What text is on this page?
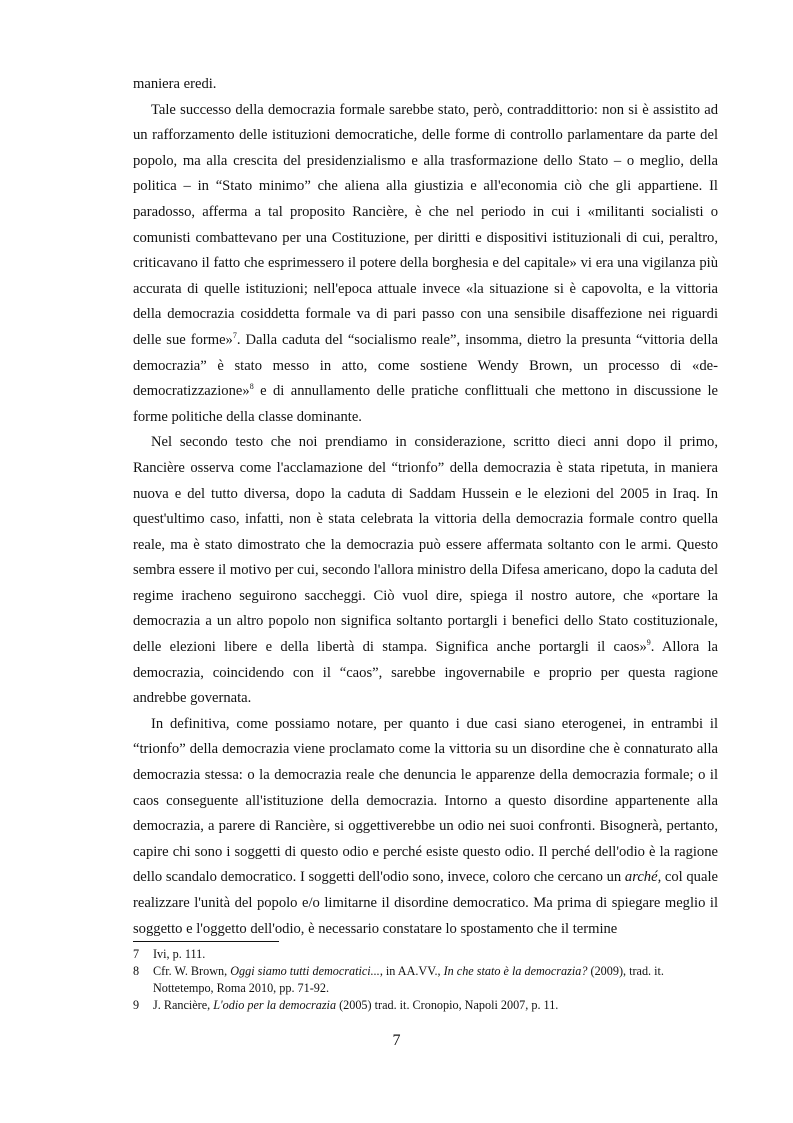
maniera eredi.

Tale successo della democrazia formale sarebbe stato, però, contraddittorio: non si è assistito ad un rafforzamento delle istituzioni democratiche, delle forme di controllo parlamentare da parte del popolo, ma alla crescita del presidenzialismo e alla trasformazione dello Stato – o meglio, della politica – in “Stato minimo” che aliena alla giustizia e all'economia ciò che gli appartiene. Il paradosso, afferma a tal proposito Rancière, è che nel periodo in cui i «militanti socialisti o comunisti combattevano per una Costituzione, per diritti e dispositivi istituzionali di cui, peraltro, criticavano il fatto che esprimessero il potere della borghesia e del capitale» vi era una vigilanza più accurata di quelle istituzioni; nell'epoca attuale invece «la situazione si è capovolta, e la vittoria della democrazia cosiddetta formale va di pari passo con una sensibile disaffezione nei riguardi delle sue forme»$^7$. Dalla caduta del “socialismo reale”, insomma, dietro la presunta “vittoria della democrazia” è stato messo in atto, come sostiene Wendy Brown, un processo di «de-democratizzazione»$^8$ e di annullamento delle pratiche conflittuali che mettono in discussione le forme politiche della classe dominante.

Nel secondo testo che noi prendiamo in considerazione, scritto dieci anni dopo il primo, Rancière osserva come l'acclamazione del “trionfo” della democrazia è stata ripetuta, in maniera nuova e del tutto diversa, dopo la caduta di Saddam Hussein e le elezioni del 2005 in Iraq. In quest'ultimo caso, infatti, non è stata celebrata la vittoria della democrazia formale contro quella reale, ma è stato dimostrato che la democrazia può essere affermata soltanto con le armi. Questo sembra essere il motivo per cui, secondo l'allora ministro della Difesa americano, dopo la caduta del regime iracheno seguirono saccheggi. Ciò vuol dire, spiega il nostro autore, che «portare la democrazia a un altro popolo non significa soltanto portargli i benefici dello Stato costituzionale, delle elezioni libere e della libertà di stampa. Significa anche portargli il caos»$^9$. Allora la democrazia, coincidendo con il “caos”, sarebbe ingovernabile e proprio per questa ragione andrebbe governata.

In definitiva, come possiamo notare, per quanto i due casi siano eterogenei, in entrambi il “trionfo” della democrazia viene proclamato come la vittoria su un disordine che è connaturato alla democrazia stessa: o la democrazia reale che denuncia le apparenze della democrazia formale; o il caos conseguente all'istituzione della democrazia. Intorno a questo disordine appartenente alla democrazia, a parere di Rancière, si oggettiverebbe un odio nei suoi confronti. Bisognerà, pertanto, capire chi sono i soggetti di questo odio e perché esiste questo odio. Il perché dell'odio è la ragione dello scandalo democratico. I soggetti dell'odio sono, invece, coloro che cercano un arché, col quale realizzare l'unità del popolo e/o limitarne il disordine democratico. Ma prima di spiegare meglio il soggetto e l'oggetto dell'odio, è necessario constatare lo spostamento che il termine

7	Ivi, p. 111.
8	Cfr. W. Brown, Oggi siamo tutti democratici..., in AA.VV., In che stato è la democrazia? (2009), trad. it. Nottetempo, Roma 2010, pp. 71-92.
9	J. Rancière, L'odio per la democrazia (2005) trad. it. Cronopio, Napoli 2007, p. 11.
7
